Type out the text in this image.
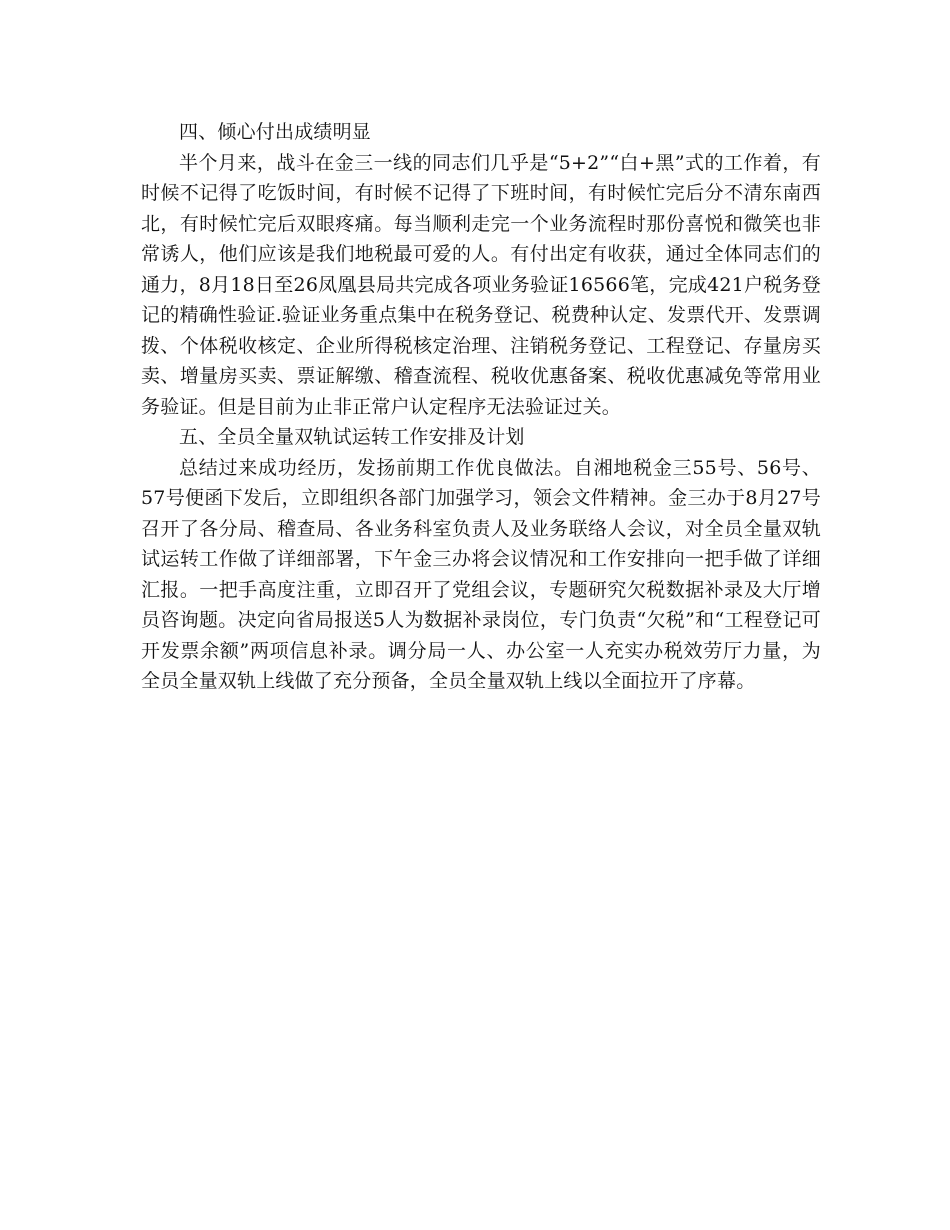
四、倾心付出成绩明显

半个月来，战斗在金三一线的同志们几乎是“5+2”“白+黑”式的工作着，有时候不记得了吃饭时间，有时候不记得了下班时间，有时候忙完后分不清东南西北，有时候忙完后双眼疼痛。每当顺利走完一个业务流程时那份喜悦和微笑也非常诱人，他们应该是我们地税最可爱的人。有付出定有收获，通过全体同志们的通力，8月18日至26凤凰县局共完成各项业务验证16566笔，完成421户税务登记的精确性验证.验证业务重点集中在税务登记、税费种认定、发票代开、发票调拨、个体税收核定、企业所得税核定治理、注销税务登记、工程登记、存量房买卖、增量房买卖、票证解缴、稽查流程、税收优惠备案、税收优惠减免等常用业务验证。但是目前为止非正常户认定程序无法验证过关。

五、全员全量双轨试运转工作安排及计划

总结过来成功经历，发扬前期工作优良做法。自湘地税金三55号、56号、57号便函下发后，立即组织各部门加强学习，领会文件精神。金三办于8月27号召开了各分局、稽查局、各业务科室负责人及业务联络人会议，对全员全量双轨试运转工作做了详细部署，下午金三办将会议情况和工作安排向一把手做了详细汇报。一把手高度注重，立即召开了党组会议，专题研究欠税数据补录及大厅增员咨询题。决定向省局报送5人为数据补录岗位，专门负责“欠税”和“工程登记可开发票余额”两项信息补录。调分局一人、办公室一人充实办税效劳厅力量，为全员全量双轨上线做了充分预备，全员全量双轨上线以全面拉开了序幕。
